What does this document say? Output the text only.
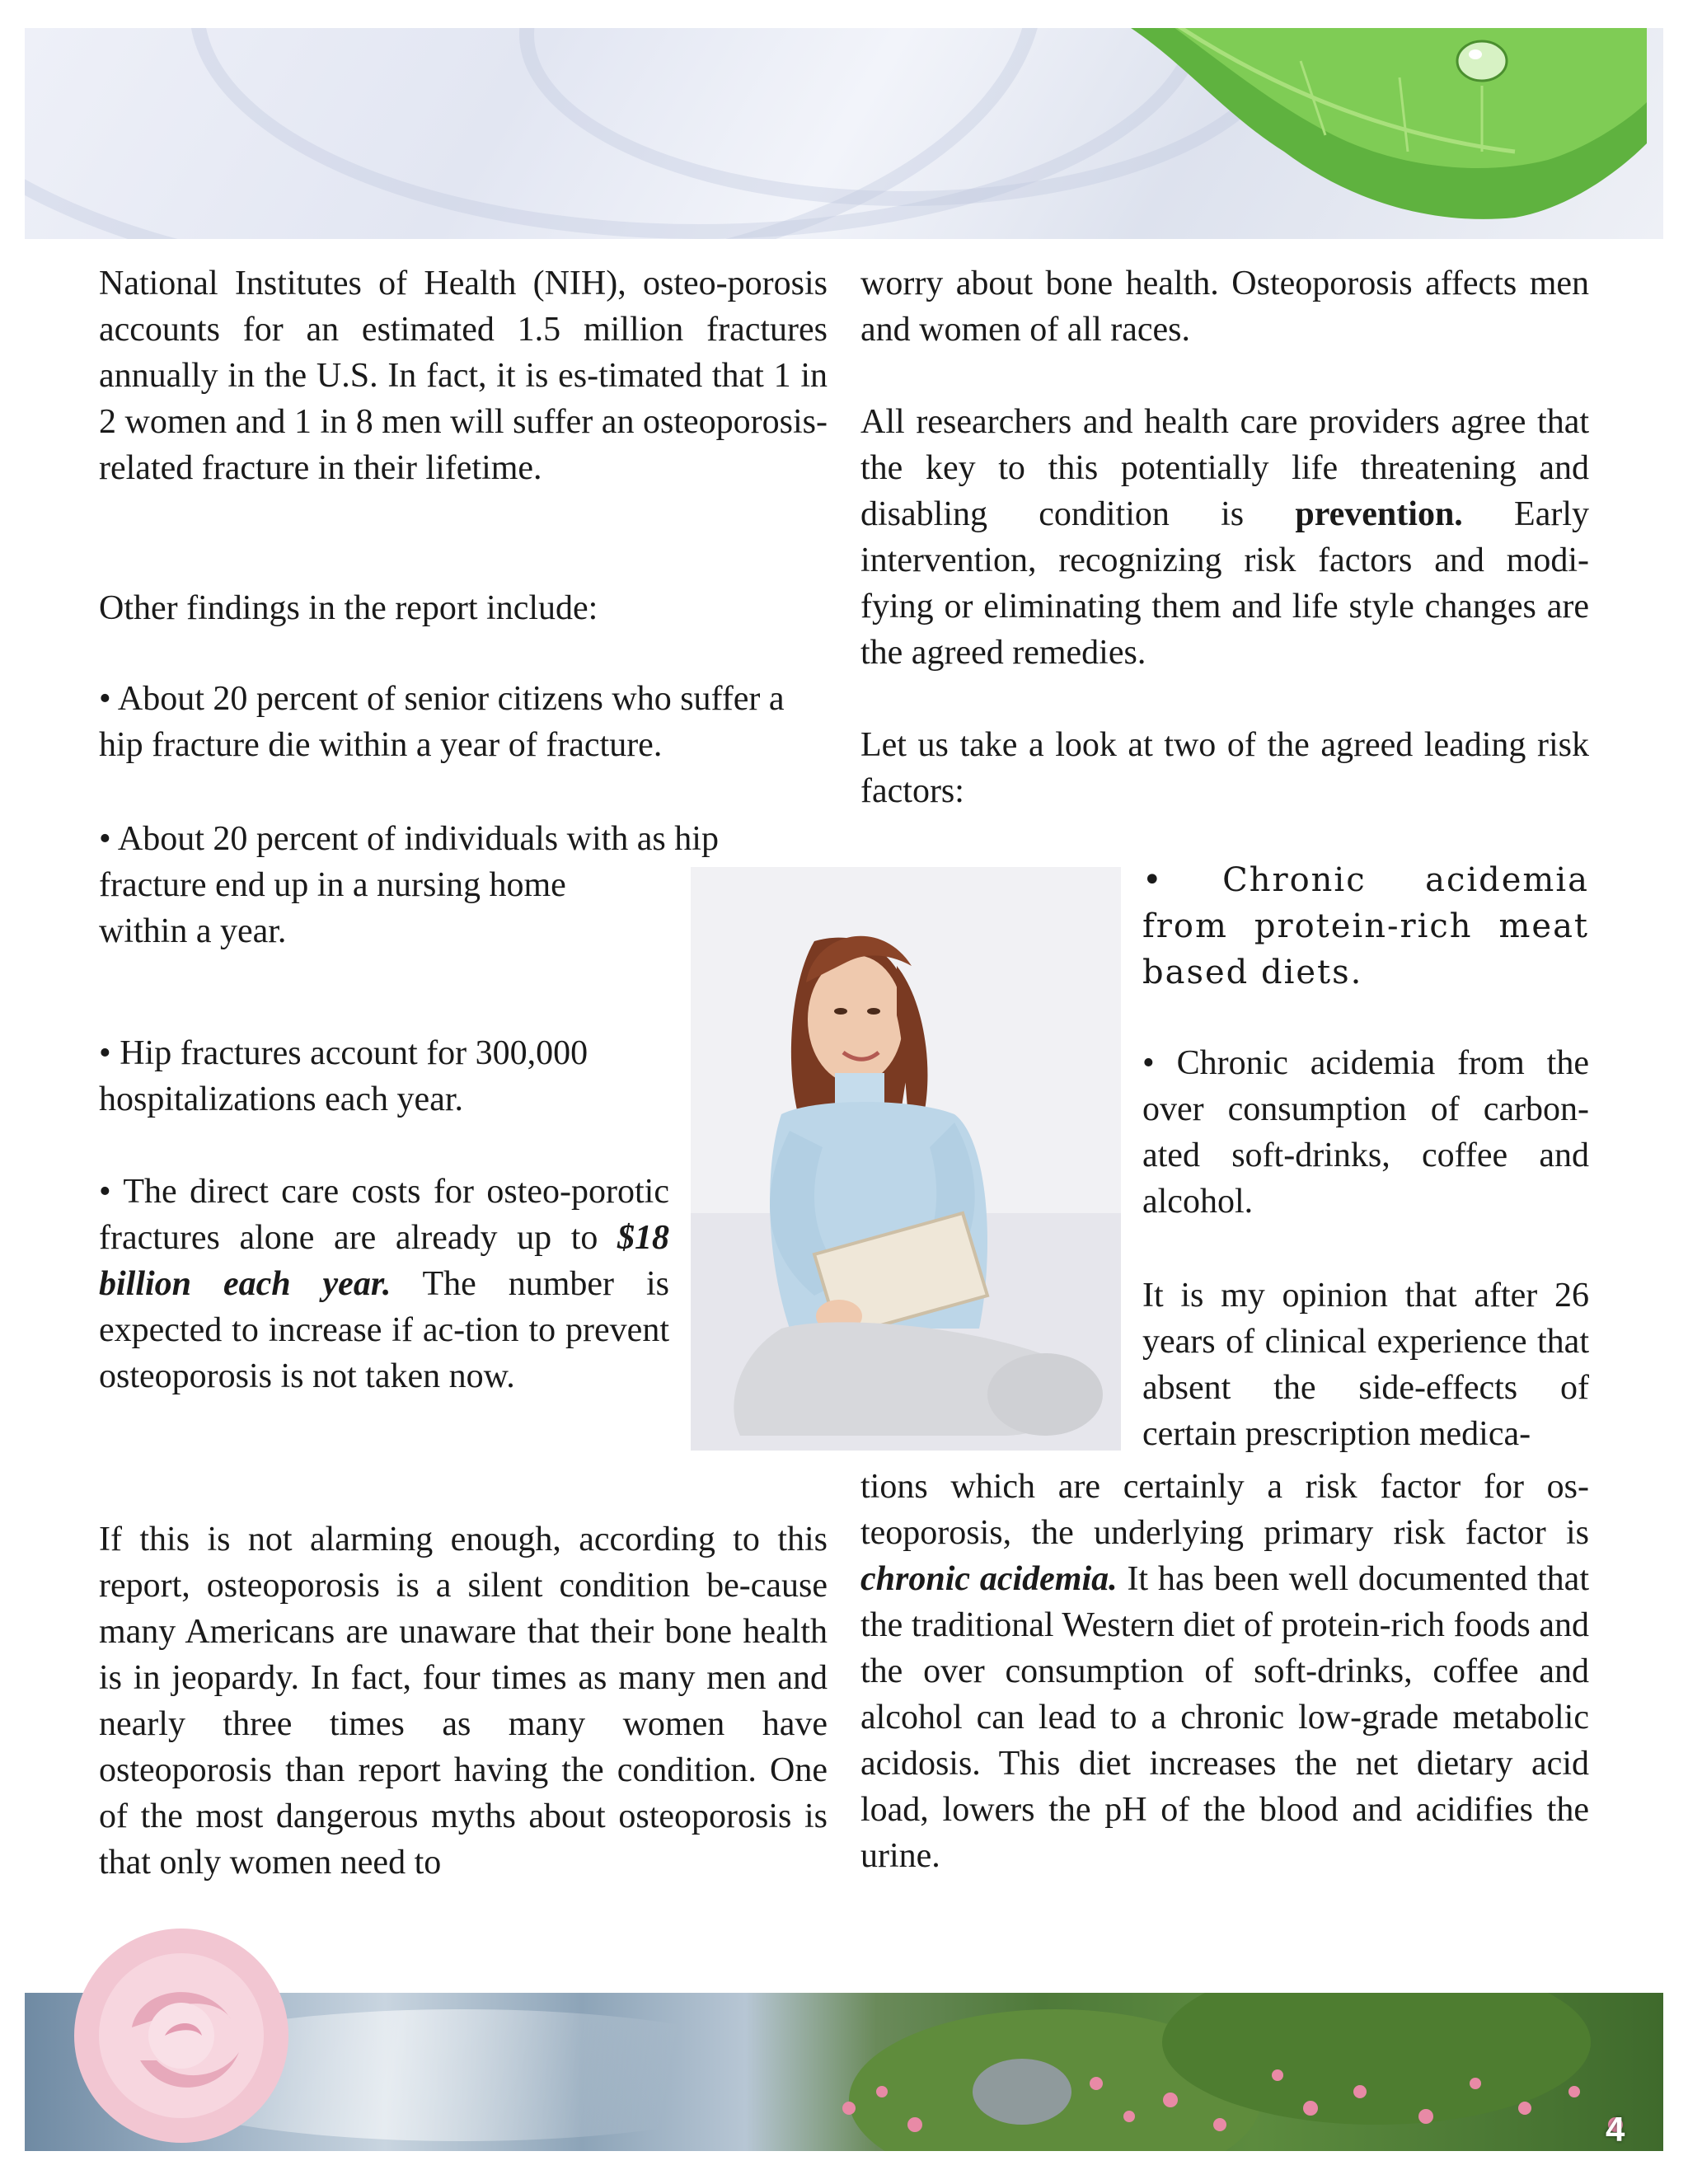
National Institutes of Health (NIH), osteo-porosis accounts for an estimated 1.5 million fractures annually in the U.S. In fact, it is es-timated that 1 in 2 women and 1 in 8 men will suffer an osteoporosis-related fracture in their lifetime.

Other findings in the report include:

• About 20 percent of senior citizens who suffer a hip fracture die within a year of fracture.

• About 20 percent of individuals with as hip
fracture end up in a nursing home
within a year.

• Hip fractures account for 300,000 hospitalizations each year.

• The direct care costs for osteo-porotic fractures alone are already up to $18 billion each year. The number is expected to increase if ac-tion to prevent osteoporosis is not taken now.

If this is not alarming enough, according to this report, osteoporosis is a silent condition be-cause many Americans are unaware that their bone health is in jeopardy. In fact, four times as many men and nearly three times as many women have osteoporosis than report having the condition. One of the most dangerous myths about osteoporosis is that only women need to

worry about bone health. Osteoporosis affects men and women of all races.

All researchers and health care providers agree that the key to this potentially life threatening and disabling condition is prevention. Early intervention, recognizing risk factors and modi-fying or eliminating them and life style changes are the agreed remedies.

Let us take a look at two of the agreed leading risk factors:

• Chronic acidemia from protein-rich meat based diets.

• Chronic acidemia from the over consumption of carbon-ated soft-drinks, coffee and alcohol.

It is my opinion that after 26 years of clinical experience that absent the side-effects of certain prescription medica-

tions which are certainly a risk factor for os-teoporosis, the underlying primary risk factor is chronic acidemia. It has been well documented that the traditional Western diet of protein-rich foods and the over consumption of soft-drinks, coffee and alcohol can lead to a chronic low-grade metabolic acidosis. This diet increases the net dietary acid load, lowers the pH of the blood and acidifies the urine.

4
